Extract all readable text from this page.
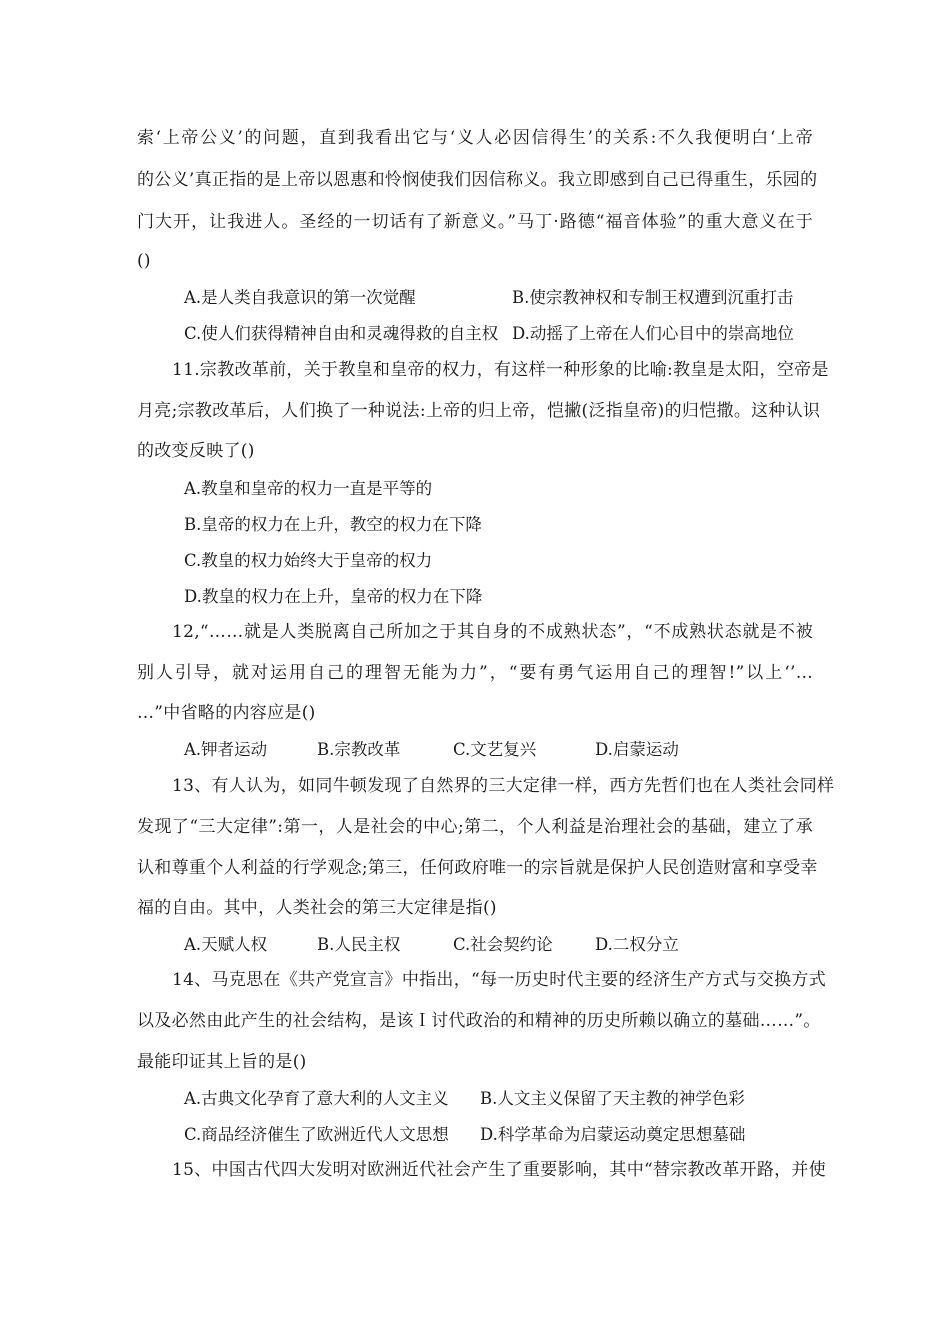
索‘上帝公义’的问题，直到我看出它与‘义人必因信得生’的关系:不久我便明白‘上帝
的公义’真正指的是上帝以恩惠和怜悯使我们因信称义。我立即感到自己已得重生，乐园的
门大开，让我进人。圣经的一切话有了新意义。”马丁·路德“福音体验”的重大意义在于
()
A.是人类自我意识的第一次觉醒	B.使宗教神权和专制王权遭到沉重打击
C.使人们获得精神自由和灵魂得救的自主权 D.动摇了上帝在人们心目中的崇高地位
11.宗教改革前，关于教皇和皇帝的权力，有这样一种形象的比喻:教皇是太阳，空帝是
月亮;宗教改革后，人们换了一种说法:上帝的归上帝，恺撇(泛指皇帝)的归恺撒。这种认识
的改变反映了()
A.教皇和皇帝的权力一直是平等的
B.皇帝的权力在上升，教空的权力在下降
C.教皇的权力始终大于皇帝的权力
D.教皇的权力在上升，皇帝的权力在下降
12,“……就是人类脱离自己所加之于其自身的不成熟状态”，“不成熟状态就是不被
别人引导，就对运用自己的理智无能为力”，“要有勇气运用自己的理智!”以上‘’…
…”中省略的内容应是()
A.钾者运动	B.宗教改革	C.文艺复兴	D.启蒙运动
13、有人认为，如同牛顿发现了自然界的三大定律一样，西方先哲们也在人类社会同样
发现了“三大定律”:第一，人是社会的中心;第二，个人利益是治理社会的基础，建立了承
认和尊重个人利益的行学观念;第三，任何政府唯一的宗旨就是保护人民创造财富和享受幸
福的自由。其中，人类社会的第三大定律是指()
A.天赋人权	B.人民主权	C.社会契约论	D.二权分立
14、马克思在《共产党宣言》中指出，“每一历史时代主要的经济生产方式与交换方式
以及必然由此产生的社会结构，是该Ｉ讨代政治的和精神的历史所赖以确立的墓础……”。
最能印证其上旨的是()
A.古典文化孕育了意大利的人文主义 B.人文主义保留了天主教的神学色彩
C.商品经济催生了欧洲近代人文思想 D.科学革命为启蒙运动奠定思想墓础
15、中国古代四大发明对欧洲近代社会产生了重要影响，其中“替宗教改革开路，并使
